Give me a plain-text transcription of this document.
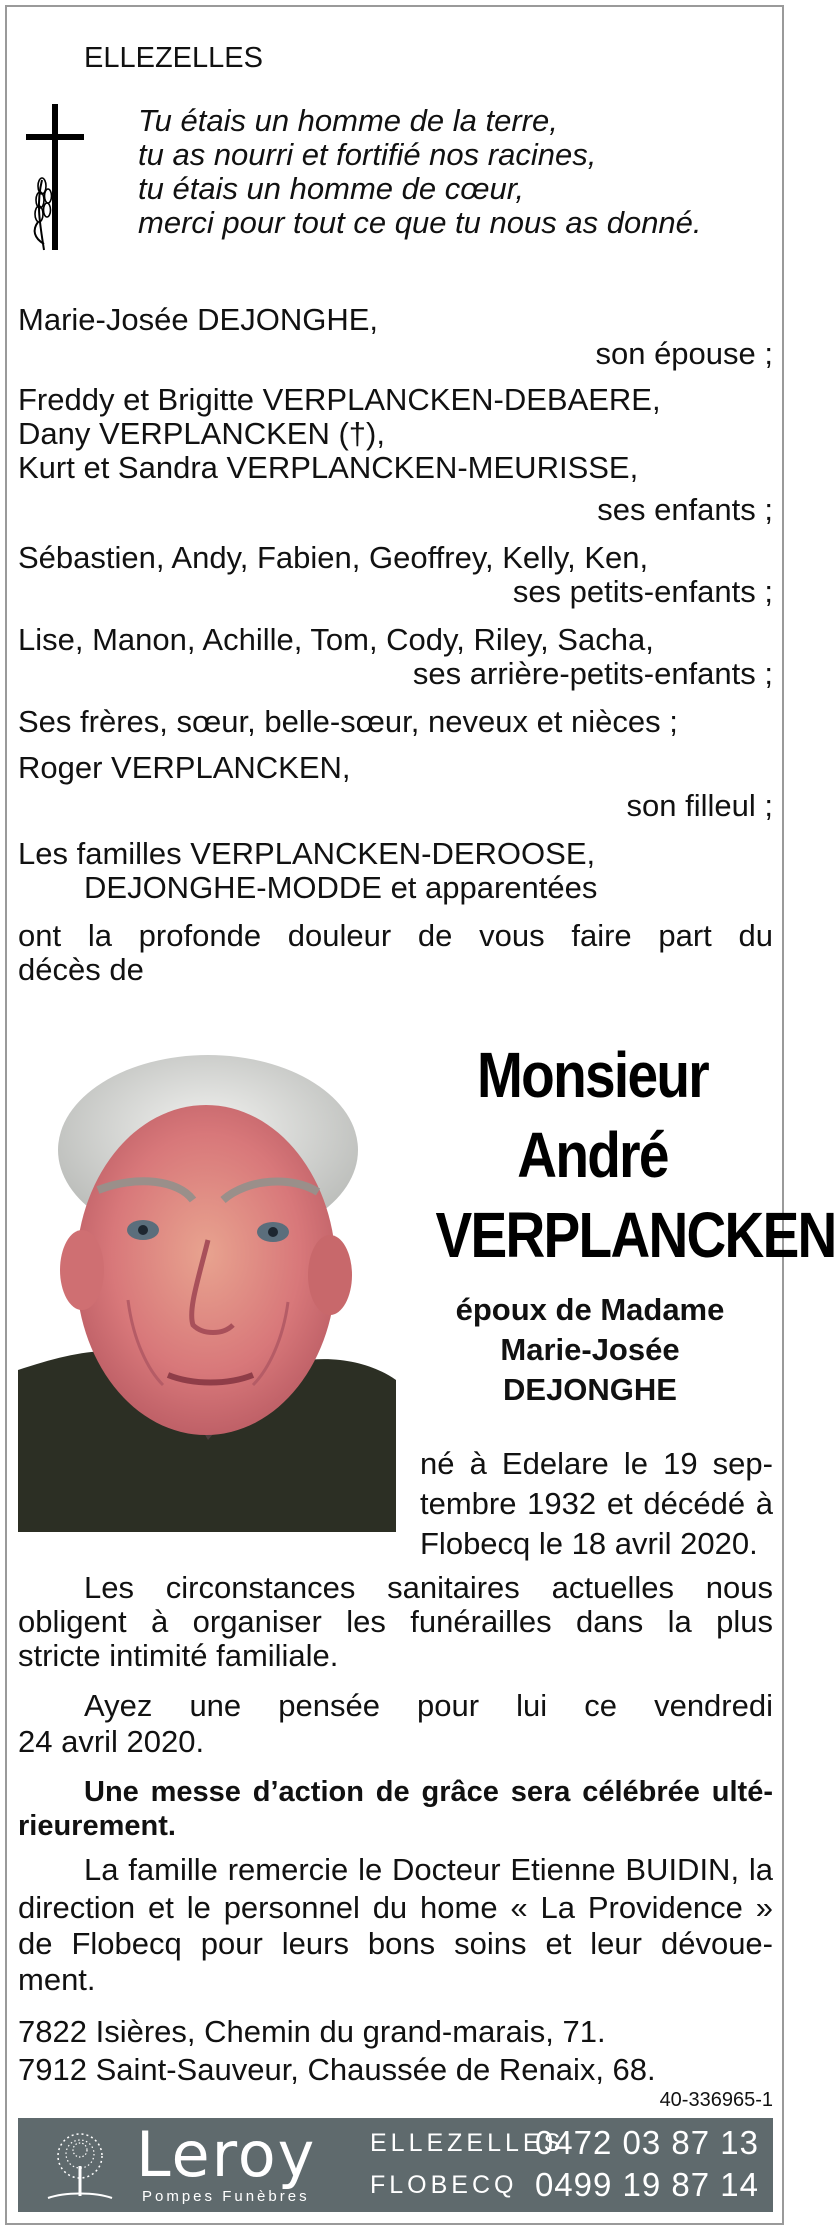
ELLEZELLES
Tu étais un homme de la terre,
tu as nourri et fortifié nos racines,
tu étais un homme de cœur,
merci pour tout ce que tu nous as donné.
Marie-Josée DEJONGHE,
son épouse ;
Freddy et Brigitte VERPLANCKEN-DEBAERE,
Dany VERPLANCKEN (†),
Kurt et Sandra VERPLANCKEN-MEURISSE,
ses enfants ;
Sébastien, Andy, Fabien, Geoffrey, Kelly, Ken,
ses petits-enfants ;
Lise, Manon, Achille, Tom, Cody, Riley, Sacha,
ses arrière-petits-enfants ;
Ses frères, sœur, belle-sœur, neveux et nièces ;
Roger VERPLANCKEN,
son filleul ;
Les familles VERPLANCKEN-DEROOSE,
DEJONGHE-MODDE et apparentées
ont la profonde douleur de vous faire part du
décès de
Monsieur
André
VERPLANCKEN
époux de Madame
Marie-Josée
DEJONGHE
né à Edelare le 19 sep-
tembre 1932 et décédé à
Flobecq le 18 avril 2020.
Les circonstances sanitaires actuelles nous
obligent à organiser les funérailles dans la plus
stricte intimité familiale.
Ayez une pensée pour lui ce vendredi
24 avril 2020.
Une messe d’action de grâce sera célébrée ulté-
rieurement.
La famille remercie le Docteur Etienne BUIDIN, la
direction et le personnel du home « La Providence »
de Flobecq pour leurs bons soins et leur dévoue-
ment.
7822 Isières, Chemin du grand-marais, 71.
7912 Saint-Sauveur, Chaussée de Renaix, 68.
40-336965-1
Leroy
Pompes Funèbres
ELLEZELLES
FLOBECQ
0472 03 87 13
0499 19 87 14
